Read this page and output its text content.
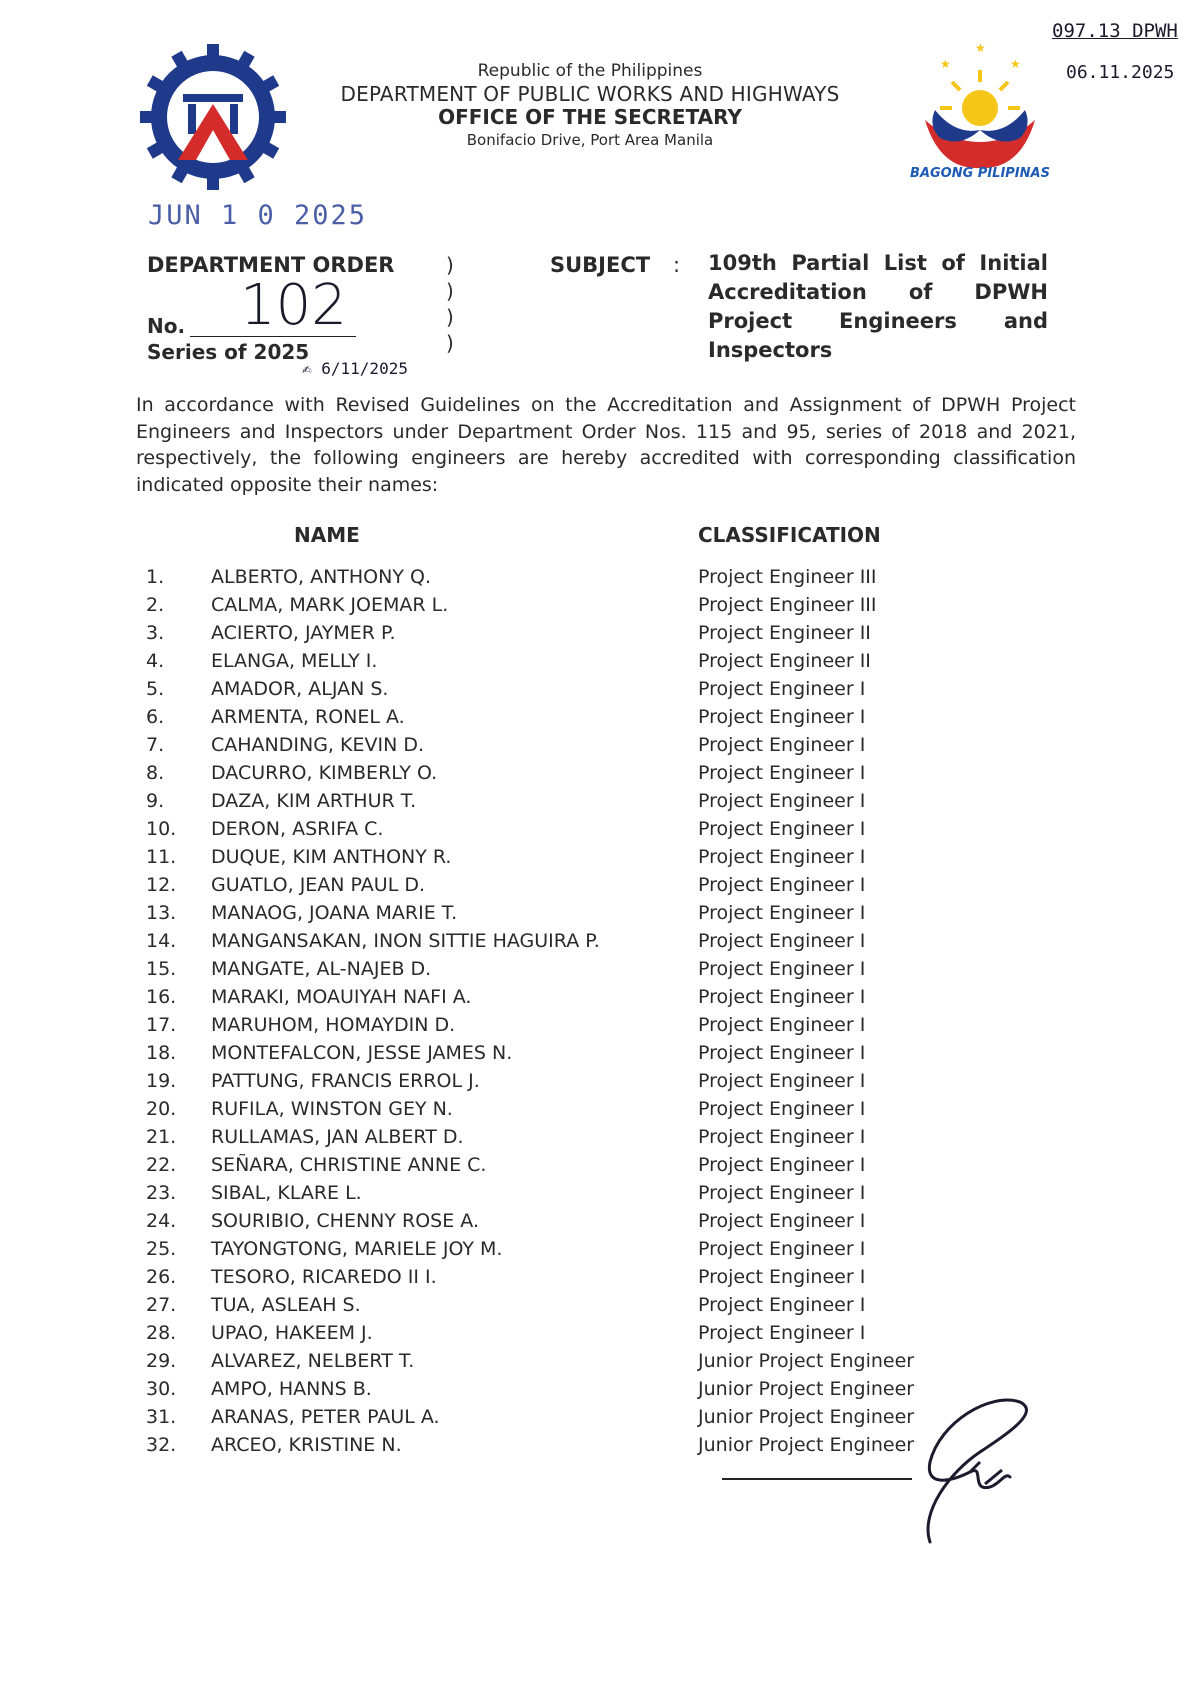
Republic of the Philippines
DEPARTMENT OF PUBLIC WORKS AND HIGHWAYS
OFFICE OF THE SECRETARY
Bonifacio Drive, Port Area Manila
★
★
★
BAGONG PILIPINAS
097.13 DPWH
06.11.2025
JUN 1 0 2025
DEPARTMENT ORDER	)
)
)
)
102
No.
Series of 2025
✍ 6/11/2025
SUBJECT : 109th Partial List of Initial Accreditation of DPWH Project Engineers and Inspectors
In accordance with Revised Guidelines on the Accreditation and Assignment of DPWH Project Engineers and Inspectors under Department Order Nos. 115 and 95, series of 2018 and 2021, respectively, the following engineers are hereby accredited with corresponding classification indicated opposite their names:
NAME	CLASSIFICATION
1. ALBERTO, ANTHONY Q.	Project Engineer III
2. CALMA, MARK JOEMAR L.	Project Engineer III
3. ACIERTO, JAYMER P.	Project Engineer II
4. ELANGA, MELLY I.	Project Engineer II
5. AMADOR, ALJAN S.	Project Engineer I
6. ARMENTA, RONEL A.	Project Engineer I
7. CAHANDING, KEVIN D.	Project Engineer I
8. DACURRO, KIMBERLY O.	Project Engineer I
9. DAZA, KIM ARTHUR T.	Project Engineer I
10. DERON, ASRIFA C.	Project Engineer I
11. DUQUE, KIM ANTHONY R.	Project Engineer I
12. GUATLO, JEAN PAUL D.	Project Engineer I
13. MANAOG, JOANA MARIE T.	Project Engineer I
14. MANGANSAKAN, INON SITTIE HAGUIRA P.	Project Engineer I
15. MANGATE, AL-NAJEB D.	Project Engineer I
16. MARAKI, MOAUIYAH NAFI A.	Project Engineer I
17. MARUHOM, HOMAYDIN D.	Project Engineer I
18. MONTEFALCON, JESSE JAMES N.	Project Engineer I
19. PATTUNG, FRANCIS ERROL J.	Project Engineer I
20. RUFILA, WINSTON GEY N.	Project Engineer I
21. RULLAMAS, JAN ALBERT D.	Project Engineer I
22. SEÑARA, CHRISTINE ANNE C.	Project Engineer I
23. SIBAL, KLARE L.	Project Engineer I
24. SOURIBIO, CHENNY ROSE A.	Project Engineer I
25. TAYONGTONG, MARIELE JOY M.	Project Engineer I
26. TESORO, RICAREDO II I.	Project Engineer I
27. TUA, ASLEAH S.	Project Engineer I
28. UPAO, HAKEEM J.	Project Engineer I
29. ALVAREZ, NELBERT T.	Junior Project Engineer
30. AMPO, HANNS B.	Junior Project Engineer
31. ARANAS, PETER PAUL A.	Junior Project Engineer
32. ARCEO, KRISTINE N.	Junior Project Engineer
